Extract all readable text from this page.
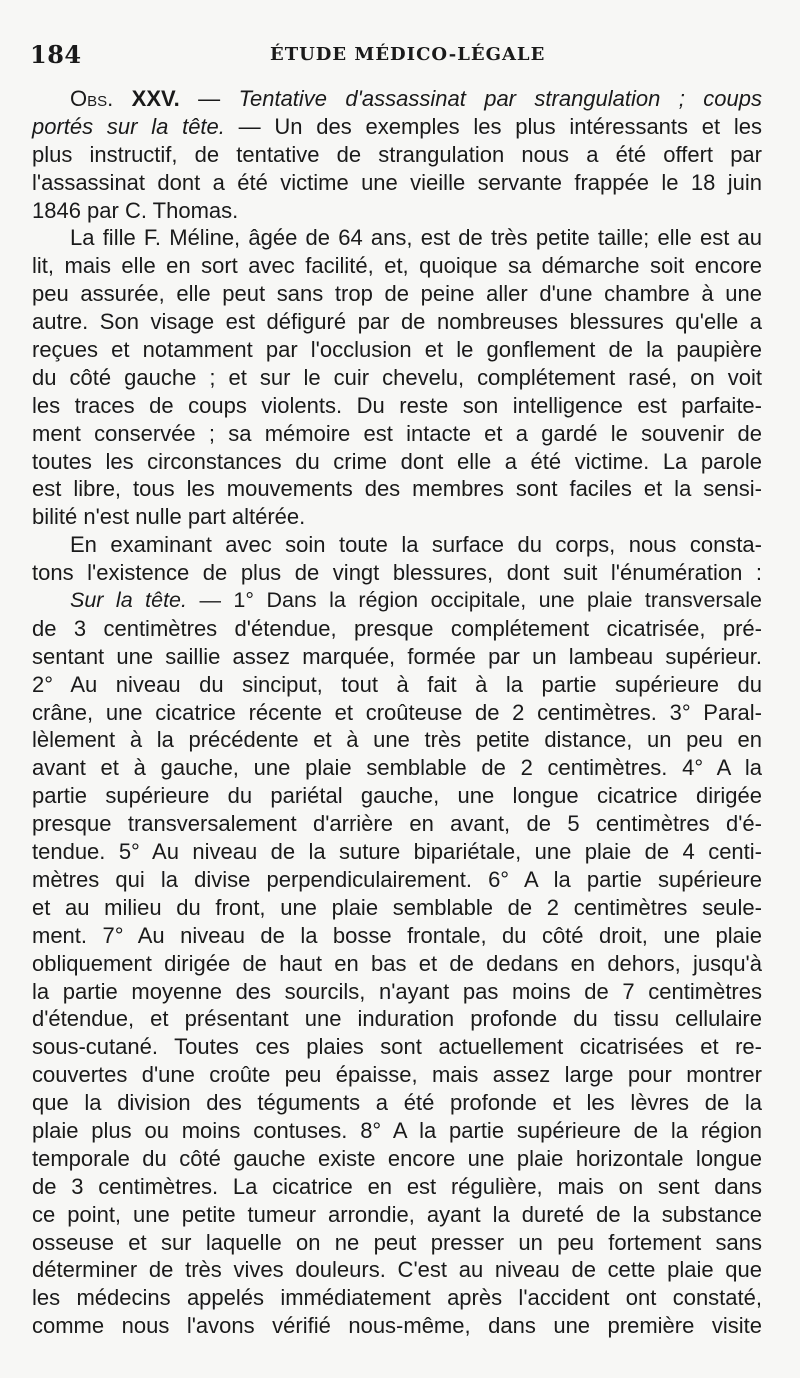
184	ÉTUDE MÉDICO-LÉGALE
Obs. XXV. — Tentative d'assassinat par strangulation ; coups
portés sur la tête. — Un des exemples les plus intéressants et les
plus instructif, de tentative de strangulation nous a été offert par
l'assassinat dont a été victime une vieille servante frappée le 18 juin
1846 par C. Thomas.
La fille F. Méline, âgée de 64 ans, est de très petite taille; elle est au
lit, mais elle en sort avec facilité, et, quoique sa démarche soit encore
peu assurée, elle peut sans trop de peine aller d'une chambre à une
autre. Son visage est défiguré par de nombreuses blessures qu'elle a
reçues et notamment par l'occlusion et le gonflement de la paupière
du côté gauche ; et sur le cuir chevelu, complétement rasé, on voit
les traces de coups violents. Du reste son intelligence est parfaite-
ment conservée ; sa mémoire est intacte et a gardé le souvenir de
toutes les circonstances du crime dont elle a été victime. La parole
est libre, tous les mouvements des membres sont faciles et la sensi-
bilité n'est nulle part altérée.
En examinant avec soin toute la surface du corps, nous consta-
tons l'existence de plus de vingt blessures, dont suit l'énumération :
Sur la tête. — 1° Dans la région occipitale, une plaie transversale
de 3 centimètres d'étendue, presque complétement cicatrisée, pré-
sentant une saillie assez marquée, formée par un lambeau supérieur.
2° Au niveau du sinciput, tout à fait à la partie supérieure du
crâne, une cicatrice récente et croûteuse de 2 centimètres. 3° Paral-
lèlement à la précédente et à une très petite distance, un peu en
avant et à gauche, une plaie semblable de 2 centimètres. 4° A la
partie supérieure du pariétal gauche, une longue cicatrice dirigée
presque transversalement d'arrière en avant, de 5 centimètres d'é-
tendue. 5° Au niveau de la suture bipariétale, une plaie de 4 centi-
mètres qui la divise perpendiculairement. 6° A la partie supérieure
et au milieu du front, une plaie semblable de 2 centimètres seule-
ment. 7° Au niveau de la bosse frontale, du côté droit, une plaie
obliquement dirigée de haut en bas et de dedans en dehors, jusqu'à
la partie moyenne des sourcils, n'ayant pas moins de 7 centimètres
d'étendue, et présentant une induration profonde du tissu cellulaire
sous-cutané. Toutes ces plaies sont actuellement cicatrisées et re-
couvertes d'une croûte peu épaisse, mais assez large pour montrer
que la division des téguments a été profonde et les lèvres de la
plaie plus ou moins contuses. 8° A la partie supérieure de la région
temporale du côté gauche existe encore une plaie horizontale longue
de 3 centimètres. La cicatrice en est régulière, mais on sent dans
ce point, une petite tumeur arrondie, ayant la dureté de la substance
osseuse et sur laquelle on ne peut presser un peu fortement sans
déterminer de très vives douleurs. C'est au niveau de cette plaie que
les médecins appelés immédiatement après l'accident ont constaté,
comme nous l'avons vérifié nous-même, dans une première visite
